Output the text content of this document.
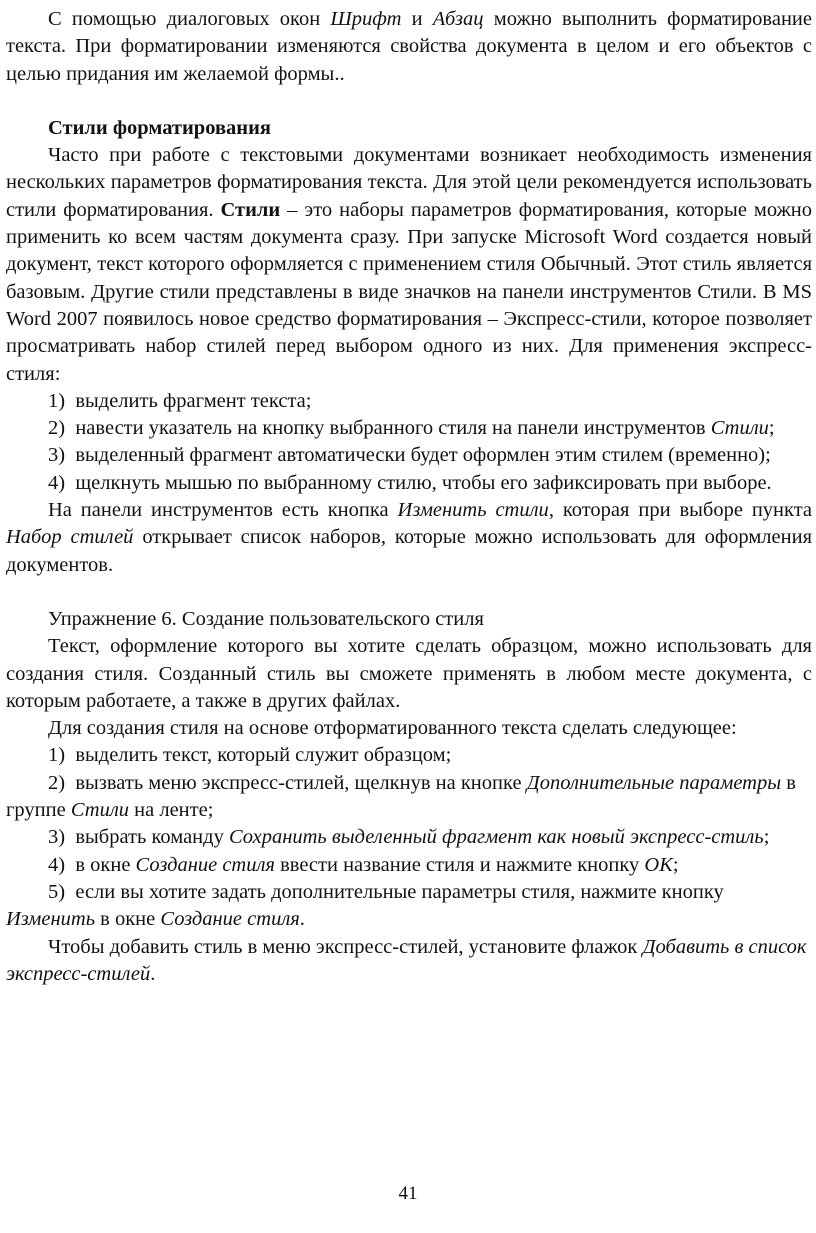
С помощью диалоговых окон Шрифт и Абзац можно выполнить форматирование текста. При форматировании изменяются свойства документа в целом и его объектов с целью придания им желаемой формы..

Стили форматирования

Часто при работе с текстовыми документами возникает необходимость изменения нескольких параметров форматирования текста. Для этой цели рекомендуется использовать стили форматирования. Стили – это наборы параметров форматирования, которые можно применить ко всем частям документа сразу. При запуске Microsoft Word создается новый документ, текст которого оформляется с применением стиля Обычный. Этот стиль является базовым. Другие стили представлены в виде значков на панели инструментов Стили. В MS Word 2007 появилось новое средство форматирования – Экспресс-стили, которое позволяет просматривать набор стилей перед выбором одного из них. Для применения экспресс-стиля:

1) выделить фрагмент текста;

2) навести указатель на кнопку выбранного стиля на панели инструментов Стили;

3) выделенный фрагмент автоматически будет оформлен этим стилем (временно);

4) щелкнуть мышью по выбранному стилю, чтобы его зафиксировать при выборе.

На панели инструментов есть кнопка Изменить стили, которая при выборе пункта Набор стилей открывает список наборов, которые можно использовать для оформления документов.

Упражнение 6. Создание пользовательского стиля

Текст, оформление которого вы хотите сделать образцом, можно использовать для создания стиля. Созданный стиль вы сможете применять в любом месте документа, с которым работаете, а также в других файлах.

Для создания стиля на основе отформатированного текста сделать следующее:

1) выделить текст, который служит образцом;

2) вызвать меню экспресс-стилей, щелкнув на кнопке Дополнительные параметры в группе Стили на ленте;

3) выбрать команду Сохранить выделенный фрагмент как новый экспресс-стиль;

4) в окне Создание стиля ввести название стиля и нажмите кнопку ОК;

5) если вы хотите задать дополнительные параметры стиля, нажмите кнопку Изменить в окне Создание стиля.

Чтобы добавить стиль в меню экспресс-стилей, установите флажок Добавить в список экспресс-стилей.

41
